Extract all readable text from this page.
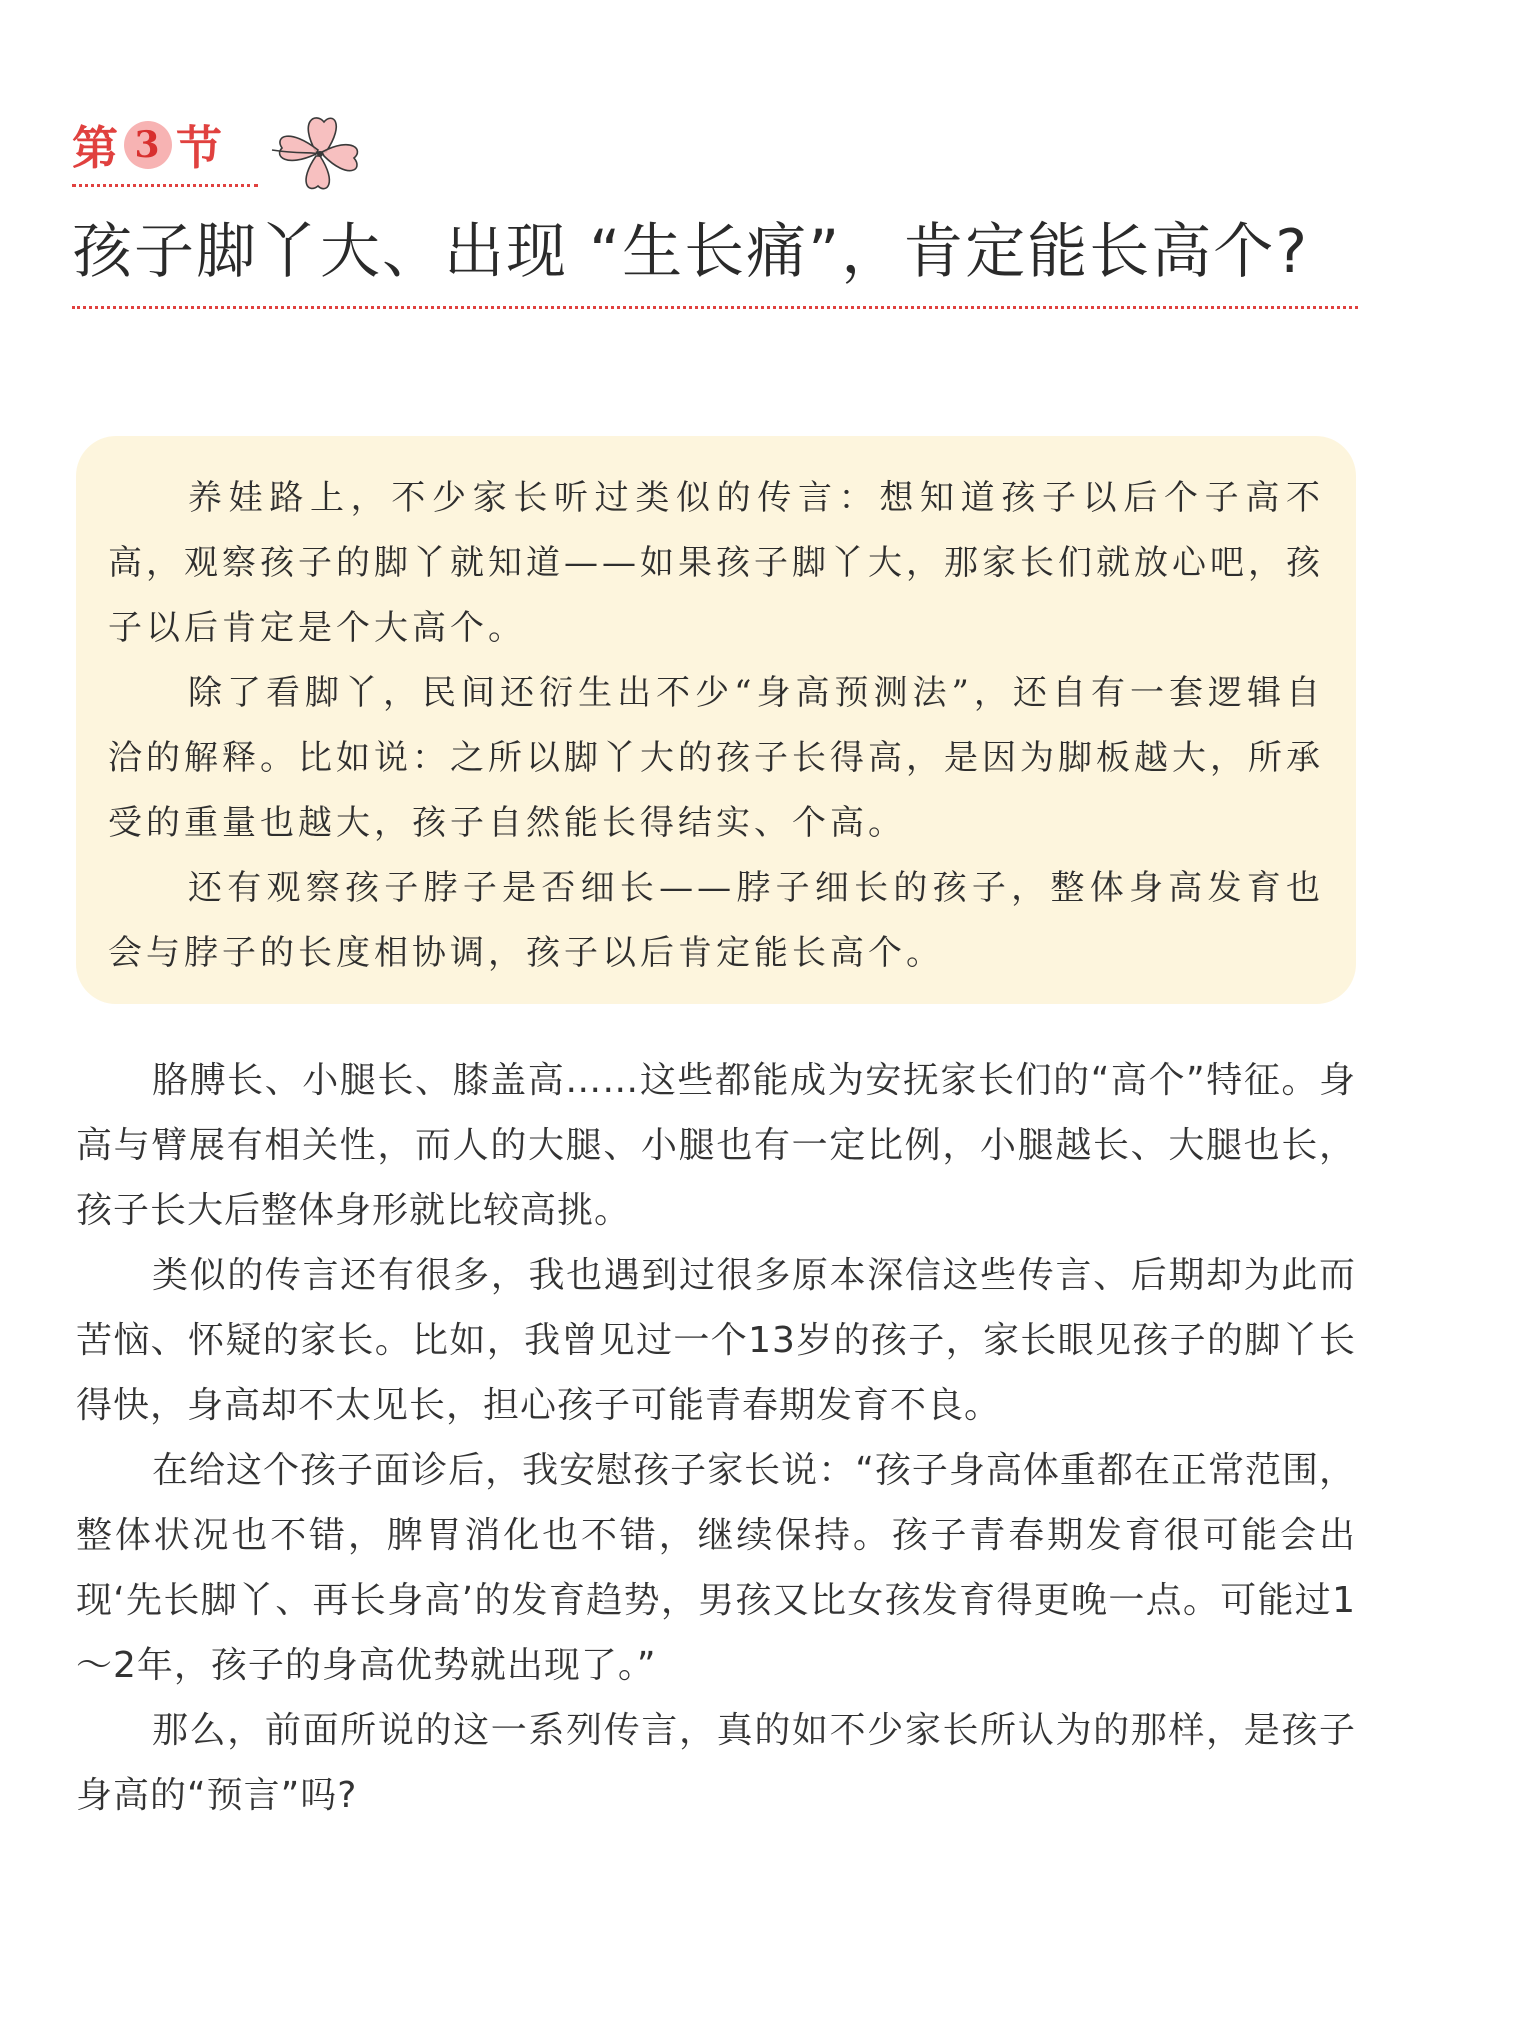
第 3 节
孩子脚丫大、出现 “生长痛”，肯定能长高个?

养娃路上，不少家长听过类似的传言：想知道孩子以后个子高不高，观察孩子的脚丫就知道——如果孩子脚丫大，那家长们就放心吧，孩子以后肯定是个大高个。

除了看脚丫，民间还衍生出不少“身高预测法”，还自有一套逻辑自洽的解释。比如说：之所以脚丫大的孩子长得高，是因为脚板越大，所承受的重量也越大，孩子自然能长得结实、个高。

还有观察孩子脖子是否细长——脖子细长的孩子，整体身高发育也会与脖子的长度相协调，孩子以后肯定能长高个。

胳膊长、小腿长、膝盖高……这些都能成为安抚家长们的“高个”特征。身高与臂展有相关性，而人的大腿、小腿也有一定比例，小腿越长、大腿也长，孩子长大后整体身形就比较高挑。

类似的传言还有很多，我也遇到过很多原本深信这些传言、后期却为此而苦恼、怀疑的家长。比如，我曾见过一个13岁的孩子，家长眼见孩子的脚丫长得快，身高却不太见长，担心孩子可能青春期发育不良。

在给这个孩子面诊后，我安慰孩子家长说：“孩子身高体重都在正常范围，整体状况也不错，脾胃消化也不错，继续保持。孩子青春期发育很可能会出现‘先长脚丫、再长身高’的发育趋势，男孩又比女孩发育得更晚一点。可能过1～2年，孩子的身高优势就出现了。”

那么，前面所说的这一系列传言，真的如不少家长所认为的那样，是孩子身高的“预言”吗?
